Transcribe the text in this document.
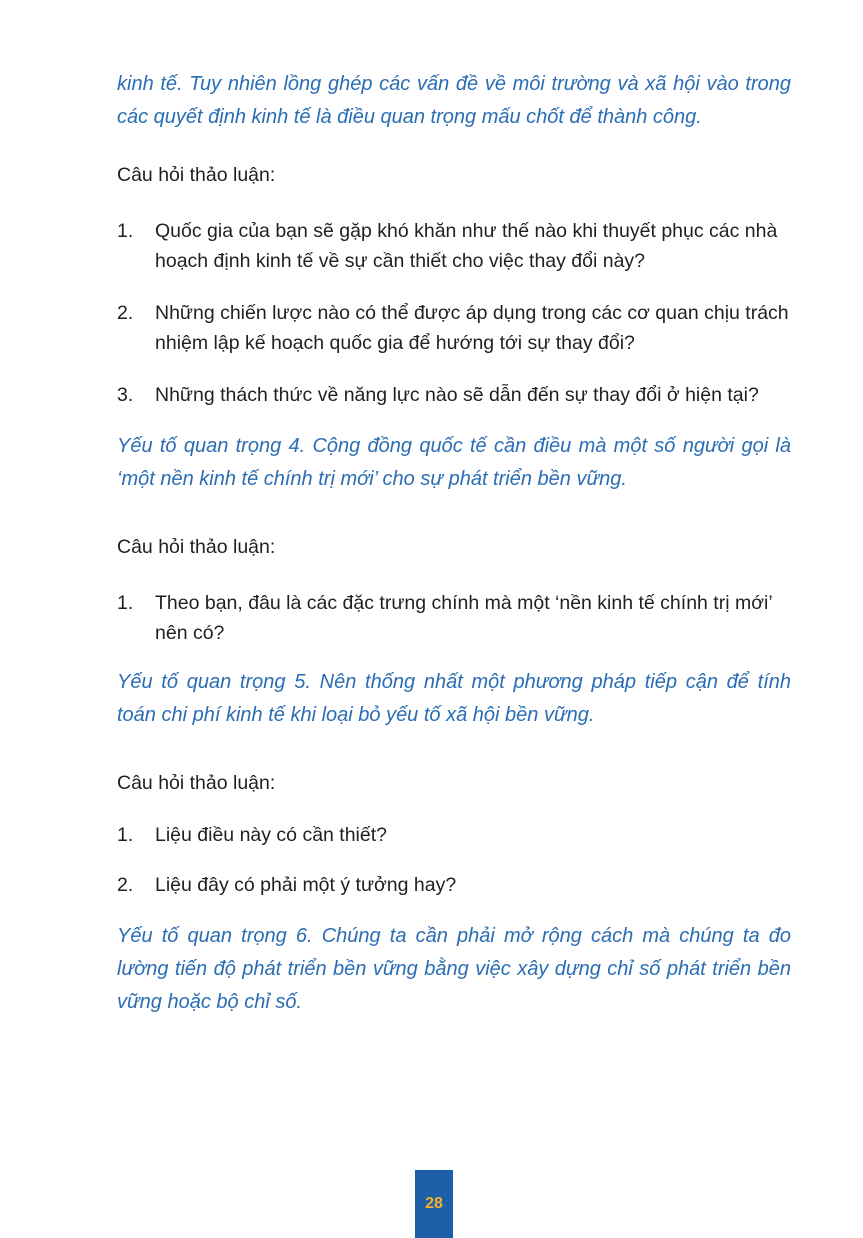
kinh tế. Tuy nhiên lồng ghép các vấn đề về môi trường và xã hội vào trong các quyết định kinh tế là điều quan trọng mấu chốt để thành công.

Câu hỏi thảo luận:

1. Quốc gia của bạn sẽ gặp khó khăn như thế nào khi thuyết phục các nhà hoạch định kinh tế về sự cần thiết cho việc thay đổi này?
2. Những chiến lược nào có thể được áp dụng trong các cơ quan chịu trách nhiệm lập kế hoạch quốc gia để hướng tới sự thay đổi?
3. Những thách thức về năng lực nào sẽ dẫn đến sự thay đổi ở hiện tại?

Yếu tố quan trọng 4. Cộng đồng quốc tế cần điều mà một số người gọi là ‘một nền kinh tế chính trị mới’ cho sự phát triển bền vững.

Câu hỏi thảo luận:

1. Theo bạn, đâu là các đặc trưng chính mà một ‘nền kinh tế chính trị mới’ nên có?

Yếu tố quan trọng 5. Nên thống nhất một phương pháp tiếp cận để tính toán chi phí kinh tế khi loại bỏ yếu tố xã hội bền vững.

Câu hỏi thảo luận:

1. Liệu điều này có cần thiết?
2. Liệu đây có phải một ý tưởng hay?

Yếu tố quan trọng 6. Chúng ta cần phải mở rộng cách mà chúng ta đo lường tiến độ phát triển bền vững bằng việc xây dựng chỉ số phát triển bền vững hoặc bộ chỉ số.

28
